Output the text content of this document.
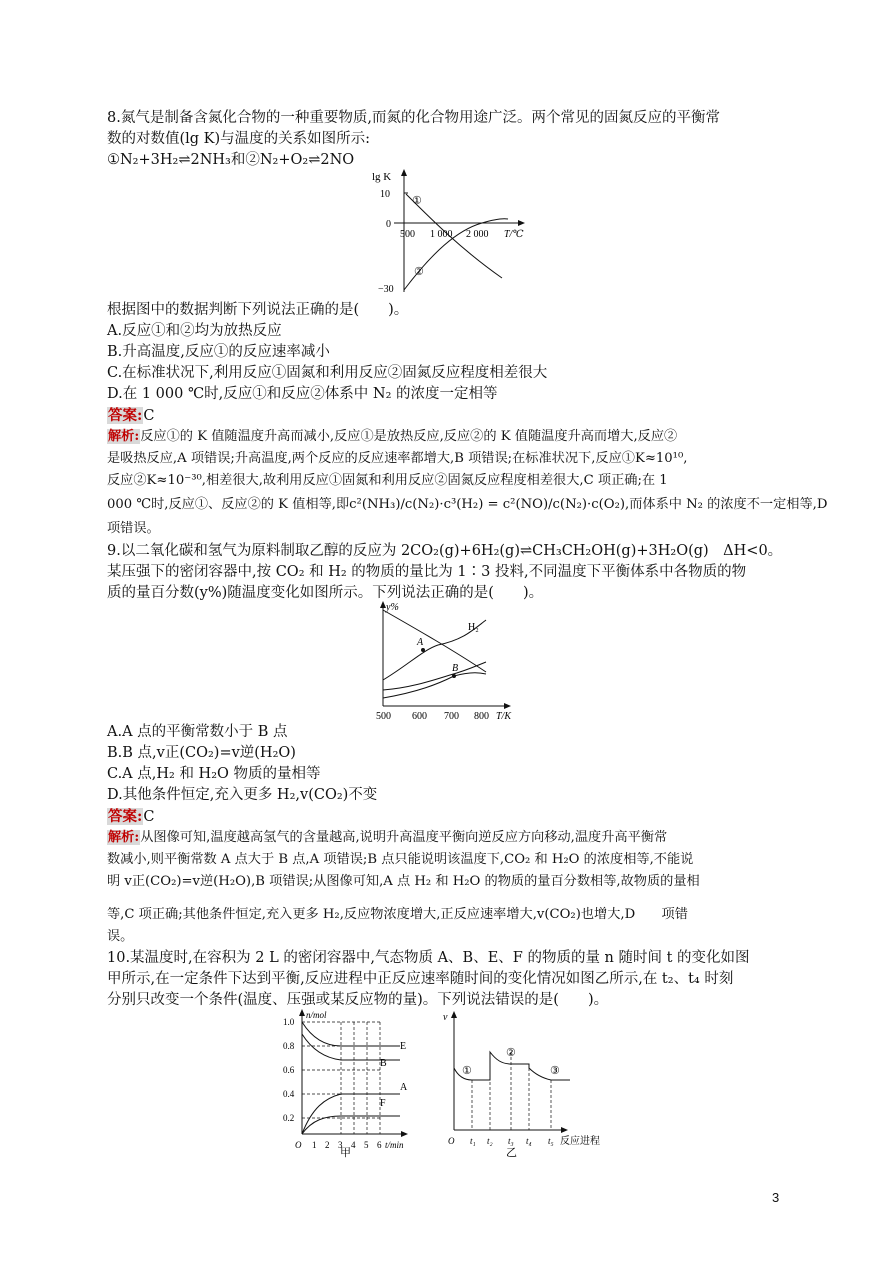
8.氮气是制备含氮化合物的一种重要物质,而氮的化合物用途广泛。两个常见的固氮反应的平衡常
数的对数值(lg K)与温度的关系如图所示:
①N₂+3H₂⇌2NH₃和②N₂+O₂⇌2NO
lg K
10
0
−30
500 1 000 2 000 T/℃
①
②
根据图中的数据判断下列说法正确的是(　　)。
A.反应①和②均为放热反应
B.升高温度,反应①的反应速率减小
C.在标准状况下,利用反应①固氮和利用反应②固氮反应程度相差很大
D.在 1 000 ℃时,反应①和反应②体系中 N₂ 的浓度一定相等
答案:C
解析:反应①的 K 值随温度升高而减小,反应①是放热反应,反应②的 K 值随温度升高而增大,反应②
是吸热反应,A 项错误;升高温度,两个反应的反应速率都增大,B 项错误;在标准状况下,反应①K≈10¹⁰,
反应②K≈10⁻³⁰,相差很大,故利用反应①固氮和利用反应②固氮反应程度相差很大,C 项正确;在 1
000 ℃时,反应①、反应②的 K 值相等,即c²(NH₃)/c(N₂)·c³(H₂) = c²(NO)/c(N₂)·c(O₂),而体系中 N₂ 的浓度不一定相等,D
项错误。
9.以二氧化碳和氢气为原料制取乙醇的反应为 2CO₂(g)+6H₂(g)⇌CH₃CH₂OH(g)+3H₂O(g)　ΔH<0。
某压强下的密闭容器中,按 CO₂ 和 H₂ 的物质的量比为 1∶3 投料,不同温度下平衡体系中各物质的物
质的量百分数(y%)随温度变化如图所示。下列说法正确的是(　　)。
y%
500 600 700 800 T/K
H₂
A
B
A.A 点的平衡常数小于 B 点
B.B 点,v正(CO₂)=v逆(H₂O)
C.A 点,H₂ 和 H₂O 物质的量相等
D.其他条件恒定,充入更多 H₂,v(CO₂)不变
答案:C
解析:从图像可知,温度越高氢气的含量越高,说明升高温度平衡向逆反应方向移动,温度升高平衡常
数减小,则平衡常数 A 点大于 B 点,A 项错误;B 点只能说明该温度下,CO₂ 和 H₂O 的浓度相等,不能说
明 v正(CO₂)=v逆(H₂O),B 项错误;从图像可知,A 点 H₂ 和 H₂O 的物质的量百分数相等,故物质的量相
等,C 项正确;其他条件恒定,充入更多 H₂,反应物浓度增大,正反应速率增大,v(CO₂)也增大,D　　项错
误。
10.某温度时,在容积为 2 L 的密闭容器中,气态物质 A、B、E、F 的物质的量 n 随时间 t 的变化如图
甲所示,在一定条件下达到平衡,反应进程中正反应速率随时间的变化情况如图乙所示,在 t₂、t₄ 时刻
分别只改变一个条件(温度、压强或某反应物的量)。下列说法错误的是(　　)。
n/mol
1.0
0.8
0.6
0.4
0.2
O 1 2 3 4 5 6 t/min
E
B
A
F
甲
v
O t₁ t₂ t₃ t₄ t₅ 反应进程
①
②
③
乙
3
